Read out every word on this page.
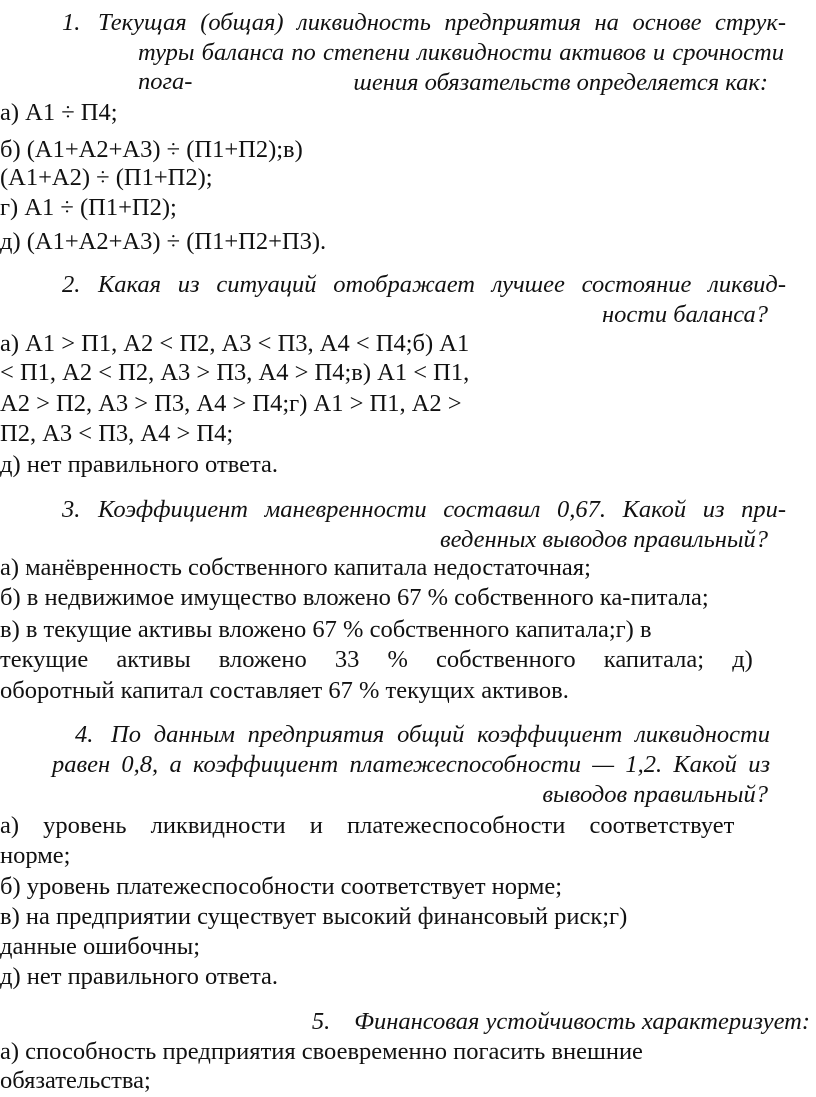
1. Текущая (общая) ликвидность предприятия на основе струк-
туры баланса по степени ликвидности активов и срочности пога-	шения обязательств определяется как:
а) А1 ÷ П4;
б) (А1+А2+А3) ÷ (П1+П2);в)
(А1+А2) ÷ (П1+П2);
г) А1 ÷ (П1+П2);
д) (А1+А2+А3) ÷ (П1+П2+П3).
2. Какая из ситуаций отображает лучшее состояние ликвид-
ности баланса?
а) А1 > П1, А2 < П2, А3 < П3, А4 < П4;б) А1
< П1, А2 < П2, А3 > П3, А4 > П4;в) А1 < П1,
А2 > П2, А3 > П3, А4 > П4;г) А1 > П1, А2 >
П2, А3 < П3, А4 > П4;
д) нет правильного ответа.
3. Коэффициент маневренности составил 0,67. Какой из при-
веденных выводов правильный?
а) манёвренность собственного капитала недостаточная;
б) в недвижимое имущество вложено 67 % собственного ка-питала;
в) в текущие активы вложено 67 % собственного капитала;г) в
текущие активы вложено 33 % собственного капитала; д)
оборотный капитал составляет 67 % текущих активов.
4. По данным предприятия общий коэффициент ликвидности
равен 0,8, а коэффициент платежеспособности — 1,2. Какой из
выводов правильный?
а) уровень ликвидности и платежеспособности соответствует
норме;
б) уровень платежеспособности соответствует норме;
в) на предприятии существует высокий финансовый риск;г)
данные ошибочны;
д) нет правильного ответа.
5. Финансовая устойчивость характеризует:
а) способность предприятия своевременно погасить внешние
обязательства;
